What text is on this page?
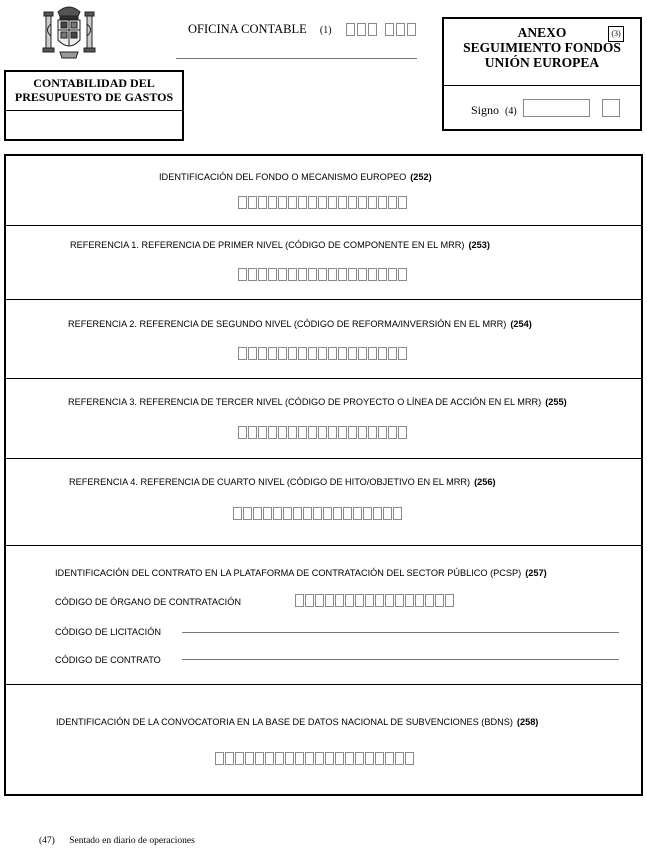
OFICINA CONTABLE (1)
CONTABILIDAD DEL PRESUPUESTO DE GASTOS
ANEXO
SEGUIMIENTO FONDOS
UNIÓN EUROPEA
(3)
Signo (4)
IDENTIFICACIÓN DEL FONDO O MECANISMO EUROPEO (252)
REFERENCIA 1. REFERENCIA DE PRIMER NIVEL (CÓDIGO DE COMPONENTE EN EL MRR) (253)
REFERENCIA 2. REFERENCIA DE SEGUNDO NIVEL (CÓDIGO DE REFORMA/INVERSIÓN EN EL MRR) (254)
REFERENCIA 3. REFERENCIA DE TERCER NIVEL (CÓDIGO DE PROYECTO O LÍNEA DE ACCIÓN EN EL MRR) (255)
REFERENCIA 4. REFERENCIA DE CUARTO NIVEL (CÓDIGO DE HITO/OBJETIVO EN EL MRR) (256)
IDENTIFICACIÓN DEL CONTRATO EN LA PLATAFORMA DE CONTRATACIÓN DEL SECTOR PÚBLICO (PCSP) (257)
CÓDIGO DE ÓRGANO DE CONTRATACIÓN
CÓDIGO DE LICITACIÓN
CÓDIGO DE CONTRATO
IDENTIFICACIÓN DE LA CONVOCATORIA EN LA BASE DE DATOS NACIONAL DE SUBVENCIONES (BDNS) (258)
(47) Sentado en diario de operaciones
